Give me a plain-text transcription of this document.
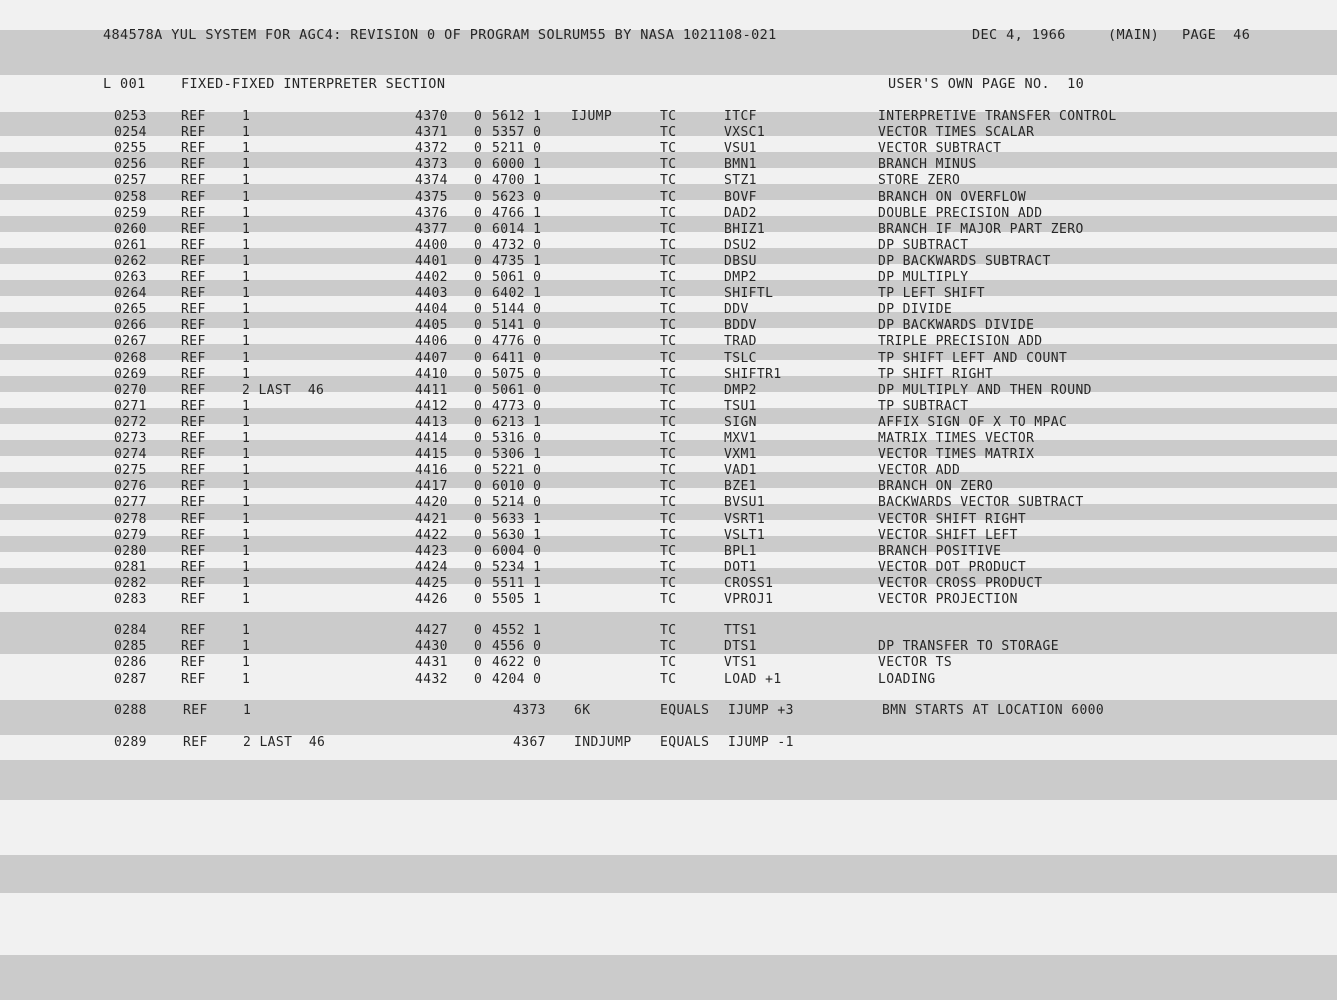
484578A YUL SYSTEM FOR AGC4: REVISION 0 OF PROGRAM SOLRUM55 BY NASA 1021108-021	DEC 4, 1966	(MAIN) PAGE  46
L 001	FIXED-FIXED INTERPRETER SECTION	USER'S OWN PAGE NO.  10
0253	REF	1	4370 0 5612 1 IJUMP	TC	ITCF	INTERPRETIVE TRANSFER CONTROL
0254	REF	1	4371 0 5357 0	TC	VXSC1	VECTOR TIMES SCALAR
0255	REF	1	4372 0 5211 0	TC	VSU1	VECTOR SUBTRACT
0256	REF	1	4373 0 6000 1	TC	BMN1	BRANCH MINUS
0257	REF	1	4374 0 4700 1	TC	STZ1	STORE ZERO
0258	REF	1	4375 0 5623 0	TC	BOVF	BRANCH ON OVERFLOW
0259	REF	1	4376 0 4766 1	TC	DAD2	DOUBLE PRECISION ADD
0260	REF	1	4377 0 6014 1	TC	BHIZ1	BRANCH IF MAJOR PART ZERO
0261	REF	1	4400 0 4732 0	TC	DSU2	DP SUBTRACT
0262	REF	1	4401 0 4735 1	TC	DBSU	DP BACKWARDS SUBTRACT
0263	REF	1	4402 0 5061 0	TC	DMP2	DP MULTIPLY
0264	REF	1	4403 0 6402 1	TC	SHIFTL	TP LEFT SHIFT
0265	REF	1	4404 0 5144 0	TC	DDV	DP DIVIDE
0266	REF	1	4405 0 5141 0	TC	BDDV	DP BACKWARDS DIVIDE
0267	REF	1	4406 0 4776 0	TC	TRAD	TRIPLE PRECISION ADD
0268	REF	1	4407 0 6411 0	TC	TSLC	TP SHIFT LEFT AND COUNT
0269	REF	1	4410 0 5075 0	TC	SHIFTR1	TP SHIFT RIGHT
0270	REF	2 LAST  46	4411 0 5061 0	TC	DMP2	DP MULTIPLY AND THEN ROUND
0271	REF	1	4412 0 4773 0	TC	TSU1	TP SUBTRACT
0272	REF	1	4413 0 6213 1	TC	SIGN	AFFIX SIGN OF X TO MPAC
0273	REF	1	4414 0 5316 0	TC	MXV1	MATRIX TIMES VECTOR
0274	REF	1	4415 0 5306 1	TC	VXM1	VECTOR TIMES MATRIX
0275	REF	1	4416 0 5221 0	TC	VAD1	VECTOR ADD
0276	REF	1	4417 0 6010 0	TC	BZE1	BRANCH ON ZERO
0277	REF	1	4420 0 5214 0	TC	BVSU1	BACKWARDS VECTOR SUBTRACT
0278	REF	1	4421 0 5633 1	TC	VSRT1	VECTOR SHIFT RIGHT
0279	REF	1	4422 0 5630 1	TC	VSLT1	VECTOR SHIFT LEFT
0280	REF	1	4423 0 6004 0	TC	BPL1	BRANCH POSITIVE
0281	REF	1	4424 0 5234 1	TC	DOT1	VECTOR DOT PRODUCT
0282	REF	1	4425 0 5511 1	TC	CROSS1	VECTOR CROSS PRODUCT
0283	REF	1	4426 0 5505 1	TC	VPROJ1	VECTOR PROJECTION
0284	REF	1	4427 0 4552 1	TC	TTS1
0285	REF	1	4430 0 4556 0	TC	DTS1	DP TRANSFER TO STORAGE
0286	REF	1	4431 0 4622 0	TC	VTS1	VECTOR TS
0287	REF	1	4432 0 4204 0	TC	LOAD +1	LOADING
0288	REF	1	4373 6K	EQUALS IJUMP +3	BMN STARTS AT LOCATION 6000
0289	REF	2 LAST  46	4367 INDJUMP EQUALS IJUMP -1
